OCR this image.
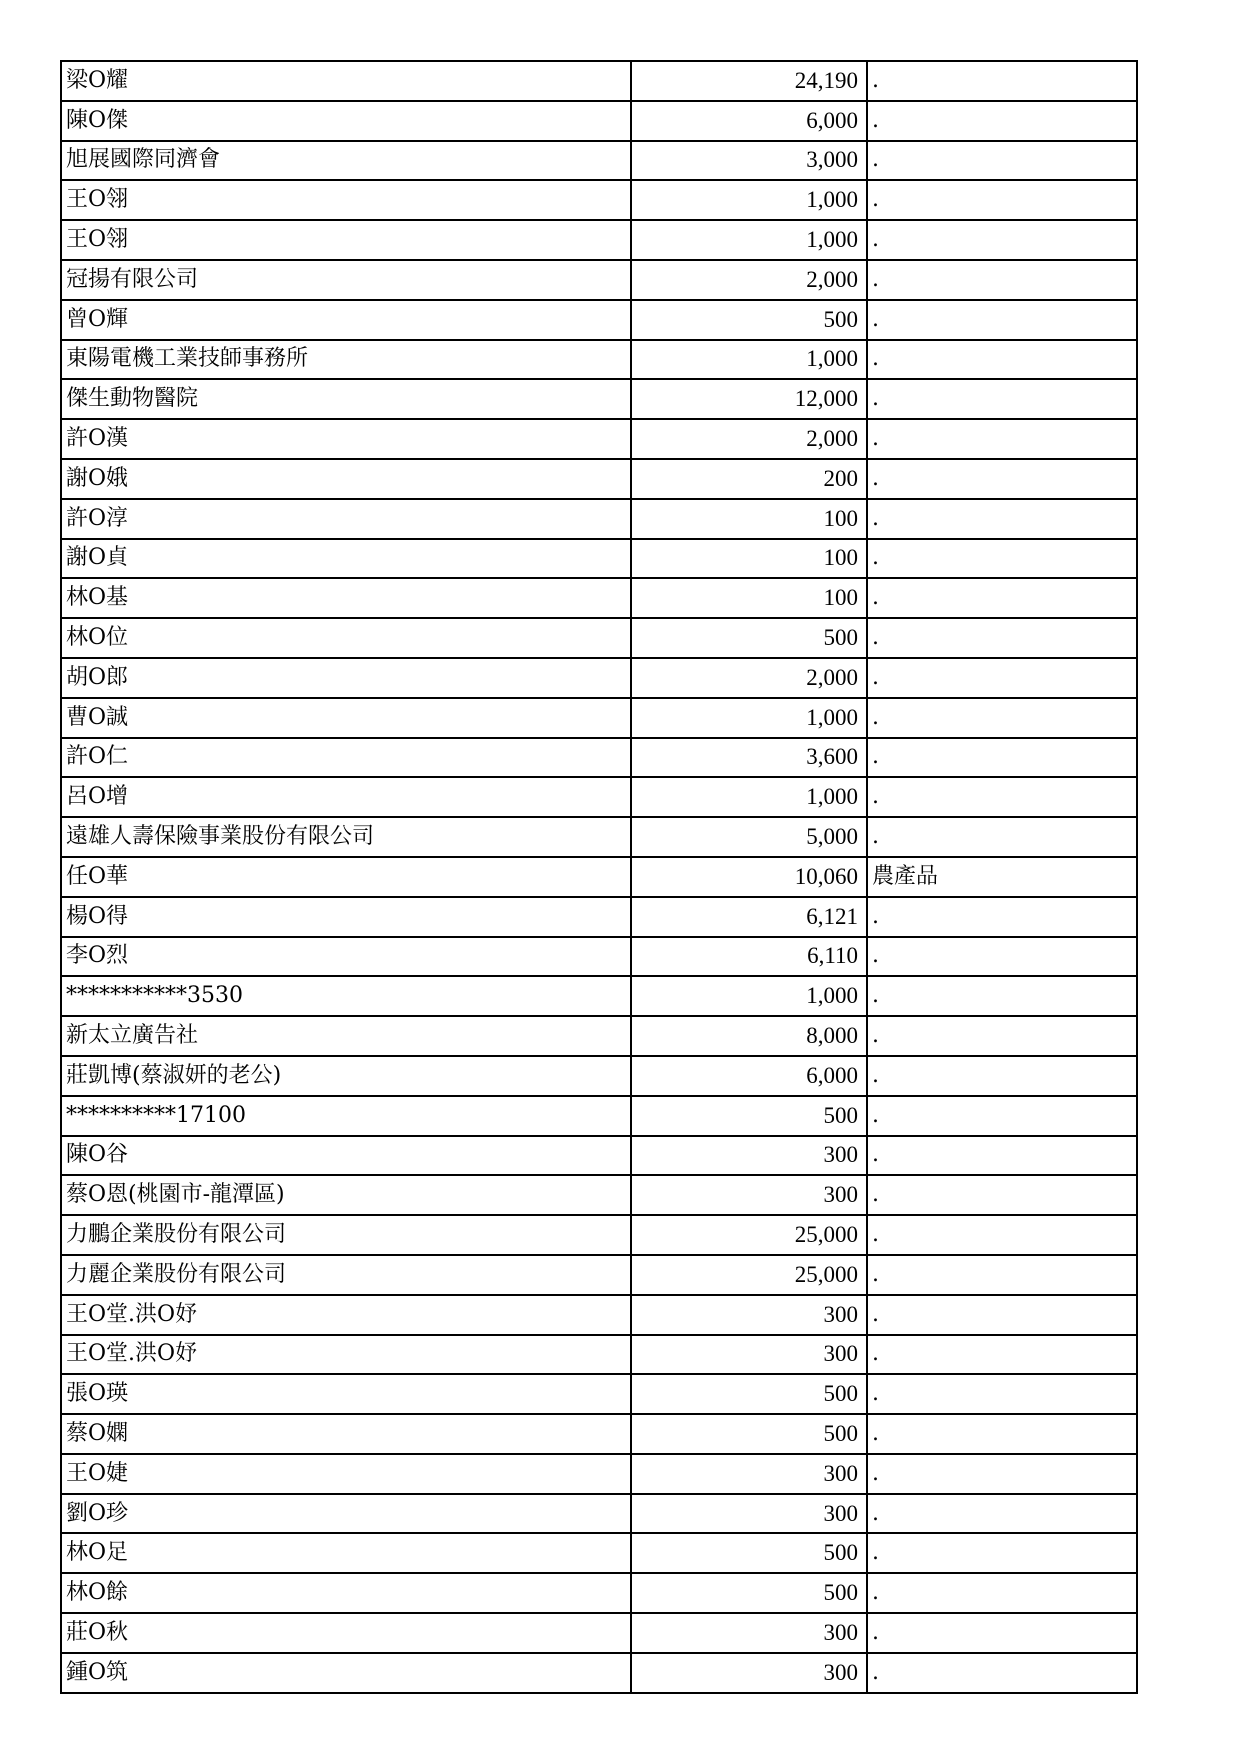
梁O耀	24,190	.
陳O傑	6,000	.
旭展國際同濟會	3,000	.
王O翎	1,000	.
王O翎	1,000	.
冠揚有限公司	2,000	.
曾O輝	500	.
東陽電機工業技師事務所	1,000	.
傑生動物醫院	12,000	.
許O漢	2,000	.
謝O娥	200	.
許O淳	100	.
謝O貞	100	.
林O基	100	.
林O位	500	.
胡O郎	2,000	.
曹O誠	1,000	.
許O仁	3,600	.
呂O增	1,000	.
遠雄人壽保險事業股份有限公司	5,000	.
任O華	10,060	農產品
楊O得	6,121	.
李O烈	6,110	.
***********3530	1,000	.
新太立廣告社	8,000	.
莊凱博(蔡淑妍的老公)	6,000	.
**********17100	500	.
陳O谷	300	.
蔡O恩(桃園市-龍潭區)	300	.
力鵬企業股份有限公司	25,000	.
力麗企業股份有限公司	25,000	.
王O堂.洪O妤	300	.
王O堂.洪O妤	300	.
張O瑛	500	.
蔡O嫻	500	.
王O婕	300	.
劉O珍	300	.
林O足	500	.
林O餘	500	.
莊O秋	300	.
鍾O筑	300	.
